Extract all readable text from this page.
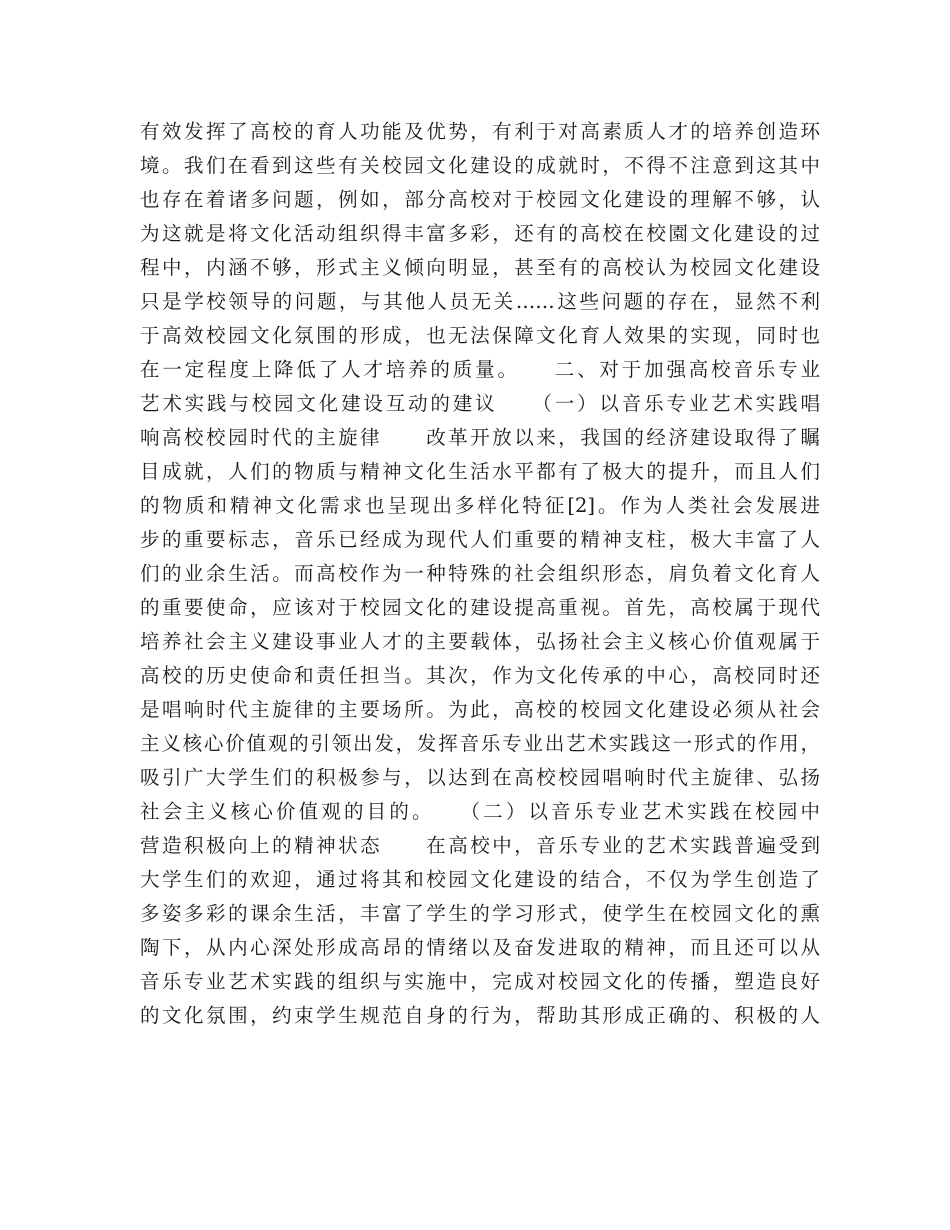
有效发挥了高校的育人功能及优势，有利于对高素质人才的培养创造环
境。我们在看到这些有关校园文化建设的成就时，不得不注意到这其中
也存在着诸多问题，例如，部分高校对于校园文化建设的理解不够，认
为这就是将文化活动组织得丰富多彩，还有的高校在校園文化建设的过
程中，内涵不够，形式主义倾向明显，甚至有的高校认为校园文化建设
只是学校领导的问题，与其他人员无关……这些问题的存在，显然不利
于高效校园文化氛围的形成，也无法保障文化育人效果的实现，同时也
在一定程度上降低了人才培养的质量。　　二、对于加强高校音乐专业
艺术实践与校园文化建设互动的建议　　（一）以音乐专业艺术实践唱
响高校校园时代的主旋律　　改革开放以来，我国的经济建设取得了瞩
目成就，人们的物质与精神文化生活水平都有了极大的提升，而且人们
的物质和精神文化需求也呈现出多样化特征[2]。作为人类社会发展进
步的重要标志，音乐已经成为现代人们重要的精神支柱，极大丰富了人
们的业余生活。而高校作为一种特殊的社会组织形态，肩负着文化育人
的重要使命，应该对于校园文化的建设提高重视。首先，高校属于现代
培养社会主义建设事业人才的主要载体，弘扬社会主义核心价值观属于
高校的历史使命和责任担当。其次，作为文化传承的中心，高校同时还
是唱响时代主旋律的主要场所。为此，高校的校园文化建设必须从社会
主义核心价值观的引领出发，发挥音乐专业出艺术实践这一形式的作用，
吸引广大学生们的积极参与，以达到在高校校园唱响时代主旋律、弘扬
社会主义核心价值观的目的。　　（二）以音乐专业艺术实践在校园中
营造积极向上的精神状态　　在高校中，音乐专业的艺术实践普遍受到
大学生们的欢迎，通过将其和校园文化建设的结合，不仅为学生创造了
多姿多彩的课余生活，丰富了学生的学习形式，使学生在校园文化的熏
陶下，从内心深处形成高昂的情绪以及奋发进取的精神，而且还可以从
音乐专业艺术实践的组织与实施中，完成对校园文化的传播，塑造良好
的文化氛围，约束学生规范自身的行为，帮助其形成正确的、积极的人
